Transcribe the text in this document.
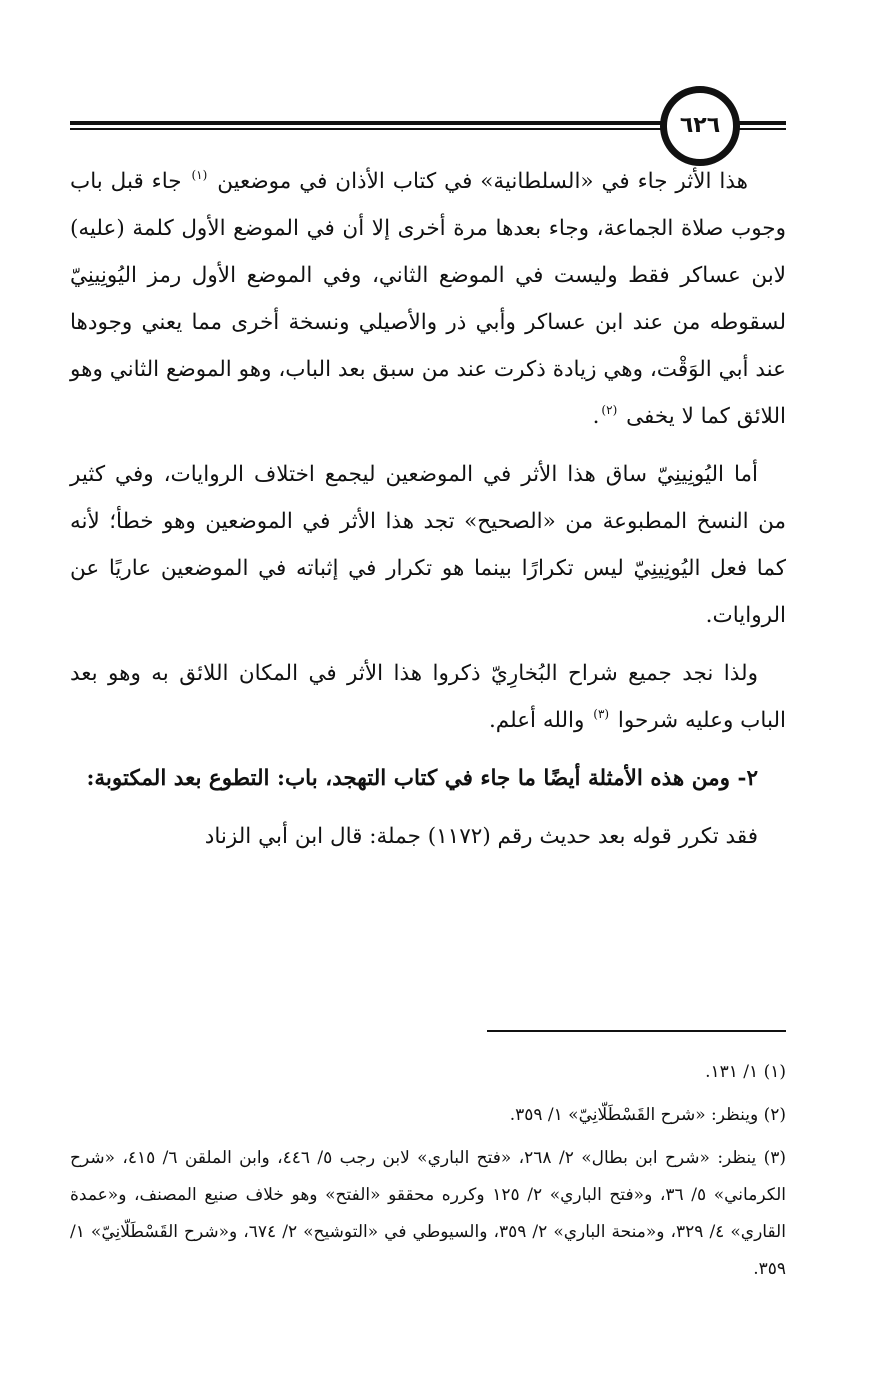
٦٢٦

هذا الأثر جاء في «السلطانية» في كتاب الأذان في موضعين $^{(١)}$ جاء قبل باب وجوب صلاة الجماعة، وجاء بعدها مرة أخرى إلا أن في الموضع الأول كلمة (عليه) لابن عساكر فقط وليست في الموضع الثاني، وفي الموضع الأول رمز اليُونِينِيّ لسقوطه من عند ابن عساكر وأبي ذر والأصيلي ونسخة أخرى مما يعني وجودها عند أبي الوَقْت، وهي زيادة ذكرت عند من سبق بعد الباب، وهو الموضع الثاني وهو اللائق كما لا يخفى $^{(٢)}$.

أما اليُونِينِيّ ساق هذا الأثر في الموضعين ليجمع اختلاف الروايات، وفي كثير من النسخ المطبوعة من «الصحيح» تجد هذا الأثر في الموضعين وهو خطأ؛ لأنه كما فعل اليُونِينِيّ ليس تكرارًا بينما هو تكرار في إثباته في الموضعين عاريًا عن الروايات.

ولذا نجد جميع شراح البُخارِيّ ذكروا هذا الأثر في المكان اللائق به وهو بعد الباب وعليه شرحوا $^{(٣)}$ والله أعلم.

٢- ومن هذه الأمثلة أيضًا ما جاء في كتاب التهجد، باب: التطوع بعد المكتوبة:

فقد تكرر قوله بعد حديث رقم (١١٧٢) جملة: قال ابن أبي الزناد

(١) ١/ ١٣١.

(٢) وينظر: «شرح القَسْطَلّانِيّ» ١/ ٣٥٩.

(٣) ينظر: «شرح ابن بطال» ٢/ ٢٦٨، «فتح الباري» لابن رجب ٥/ ٤٤٦، وابن الملقن ٦/ ٤١٥، «شرح الكرماني» ٥/ ٣٦، و«فتح الباري» ٢/ ١٢٥ وكرره محققو «الفتح» وهو خلاف صنيع المصنف، و«عمدة القاري» ٤/ ٣٢٩، و«منحة الباري» ٢/ ٣٥٩، والسيوطي في «التوشيح» ٢/ ٦٧٤، و«شرح القَسْطَلّانِيّ» ١/ ٣٥٩.
